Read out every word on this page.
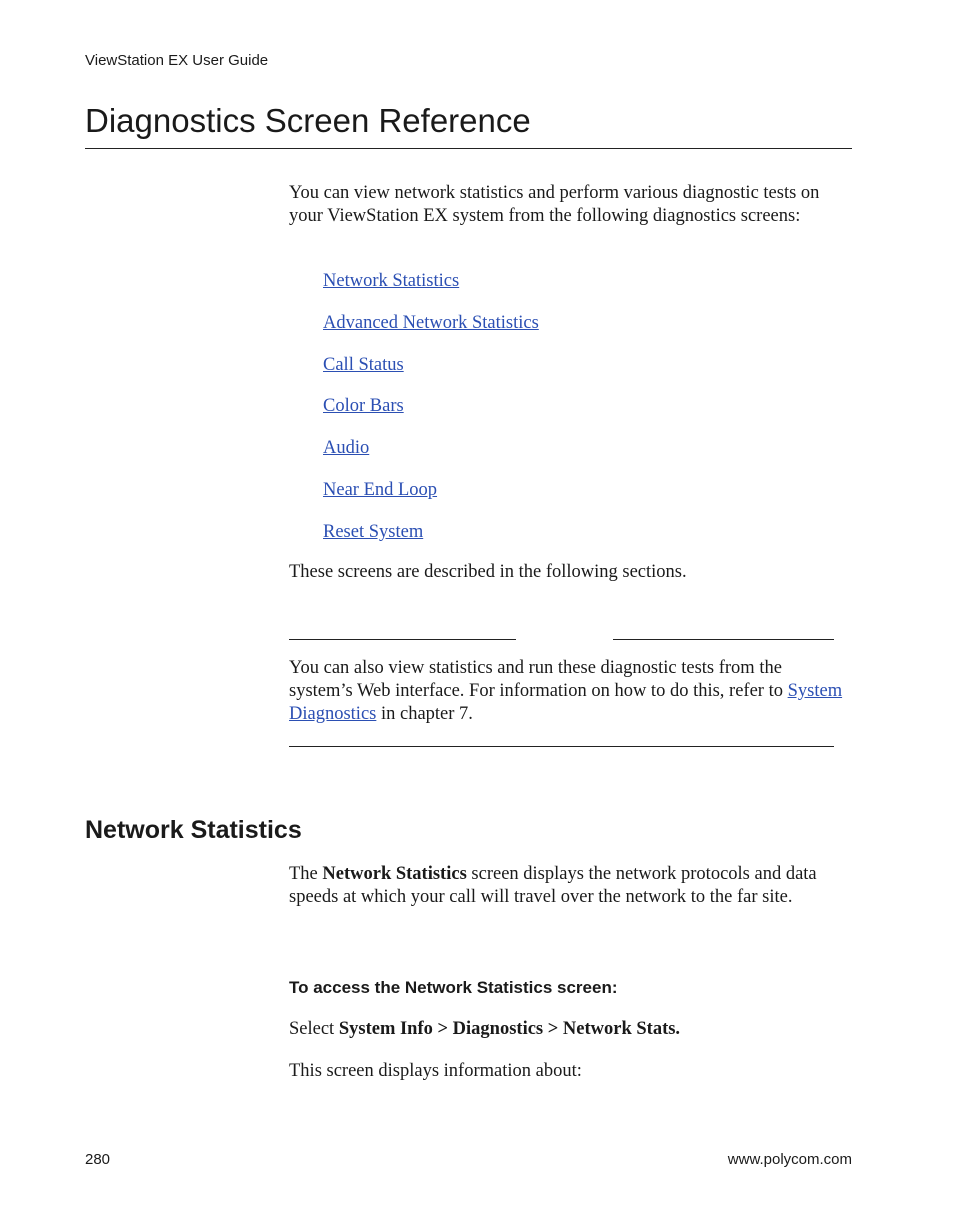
ViewStation EX User Guide
Diagnostics Screen Reference

You can view network statistics and perform various diagnostic tests on your ViewStation EX system from the following diagnostics screens:

Network Statistics
Advanced Network Statistics
Call Status
Color Bars
Audio
Near End Loop
Reset System

These screens are described in the following sections.

You can also view statistics and run these diagnostic tests from the system’s Web interface. For information on how to do this, refer to System Diagnostics in chapter 7.

Network Statistics

The Network Statistics screen displays the network protocols and data speeds at which your call will travel over the network to the far site.

To access the Network Statistics screen:

Select System Info > Diagnostics > Network Stats.

This screen displays information about:

280	www.polycom.com
